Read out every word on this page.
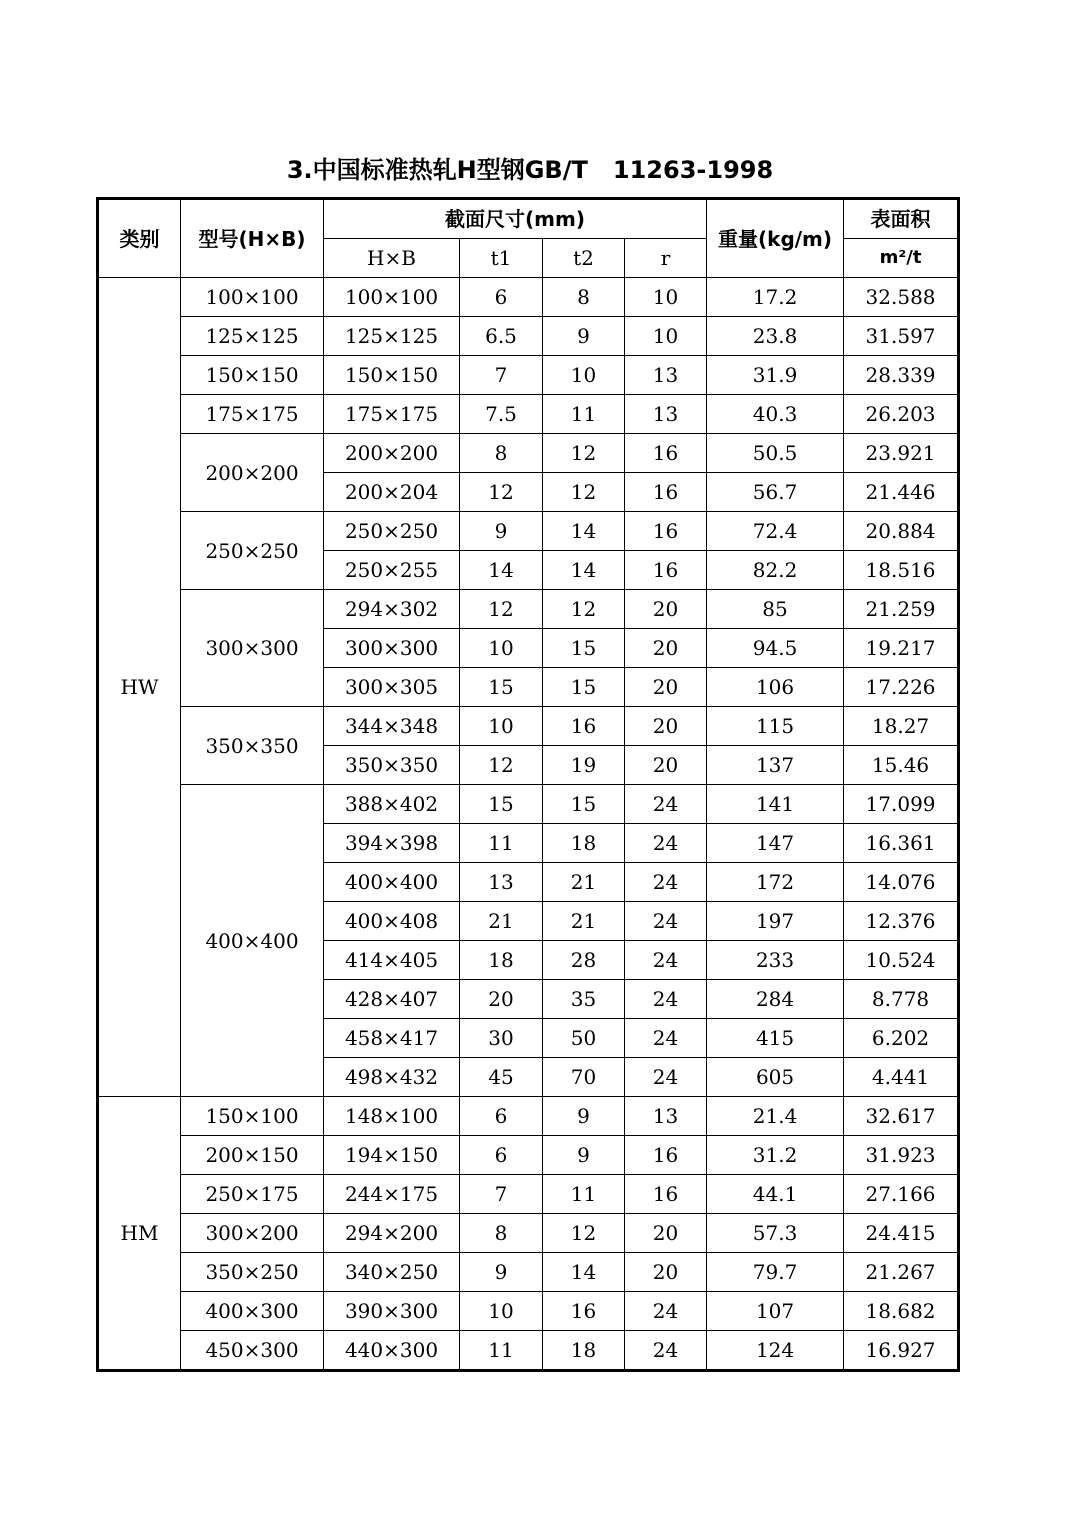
3.中国标准热轧H型钢GB/T   11263-1998
类别	型号(H×B)	截面尺寸(mm)				重量(kg/m)	表面积
		H×B	t1	t2	r		m²/t
HW	100×100	100×100	6	8	10	17.2	32.588
	125×125	125×125	6.5	9	10	23.8	31.597
	150×150	150×150	7	10	13	31.9	28.339
	175×175	175×175	7.5	11	13	40.3	26.203
	200×200	200×200	8	12	16	50.5	23.921
		200×204	12	12	16	56.7	21.446
	250×250	250×250	9	14	16	72.4	20.884
		250×255	14	14	16	82.2	18.516
	300×300	294×302	12	12	20	85	21.259
		300×300	10	15	20	94.5	19.217
		300×305	15	15	20	106	17.226
	350×350	344×348	10	16	20	115	18.27
		350×350	12	19	20	137	15.46
	400×400	388×402	15	15	24	141	17.099
		394×398	11	18	24	147	16.361
		400×400	13	21	24	172	14.076
		400×408	21	21	24	197	12.376
		414×405	18	28	24	233	10.524
		428×407	20	35	24	284	8.778
		458×417	30	50	24	415	6.202
		498×432	45	70	24	605	4.441
HM	150×100	148×100	6	9	13	21.4	32.617
	200×150	194×150	6	9	16	31.2	31.923
	250×175	244×175	7	11	16	44.1	27.166
	300×200	294×200	8	12	20	57.3	24.415
	350×250	340×250	9	14	20	79.7	21.267
	400×300	390×300	10	16	24	107	18.682
	450×300	440×300	11	18	24	124	16.927
